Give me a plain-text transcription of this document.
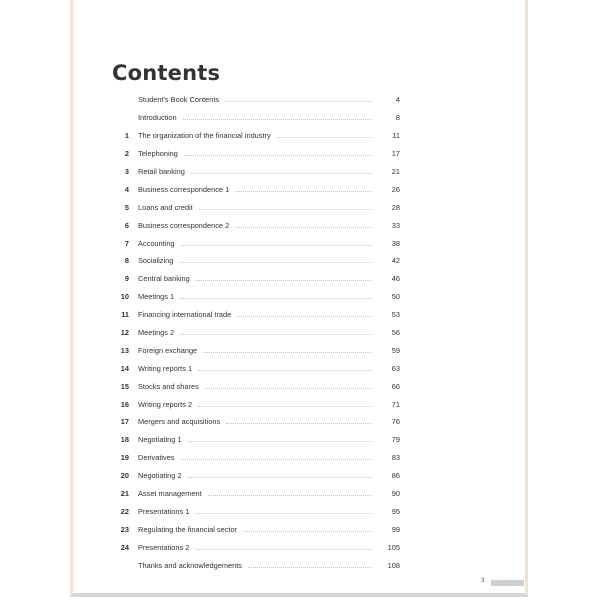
Contents
Student's Book Contents	4
Introduction	8
1 The organization of the financial industry	11
2 Telephoning	17
3 Retail banking	21
4 Business correspondence 1	26
5 Loans and credit	28
6 Business correspondence 2	33
7 Accounting	38
8 Socializing	42
9 Central banking	46
10 Meetings 1	50
11 Financing international trade	53
12 Meetings 2	56
13 Foreign exchange	59
14 Writing reports 1	63
15 Stocks and shares	66
16 Writing reports 2	71
17 Mergers and acquisitions	76
18 Negotiating 1	79
19 Derivatives	83
20 Negotiating 2	86
21 Asset management	90
22 Presentations 1	95
23 Regulating the financial sector	99
24 Presentations 2	105
Thanks and acknowledgements	108
3
